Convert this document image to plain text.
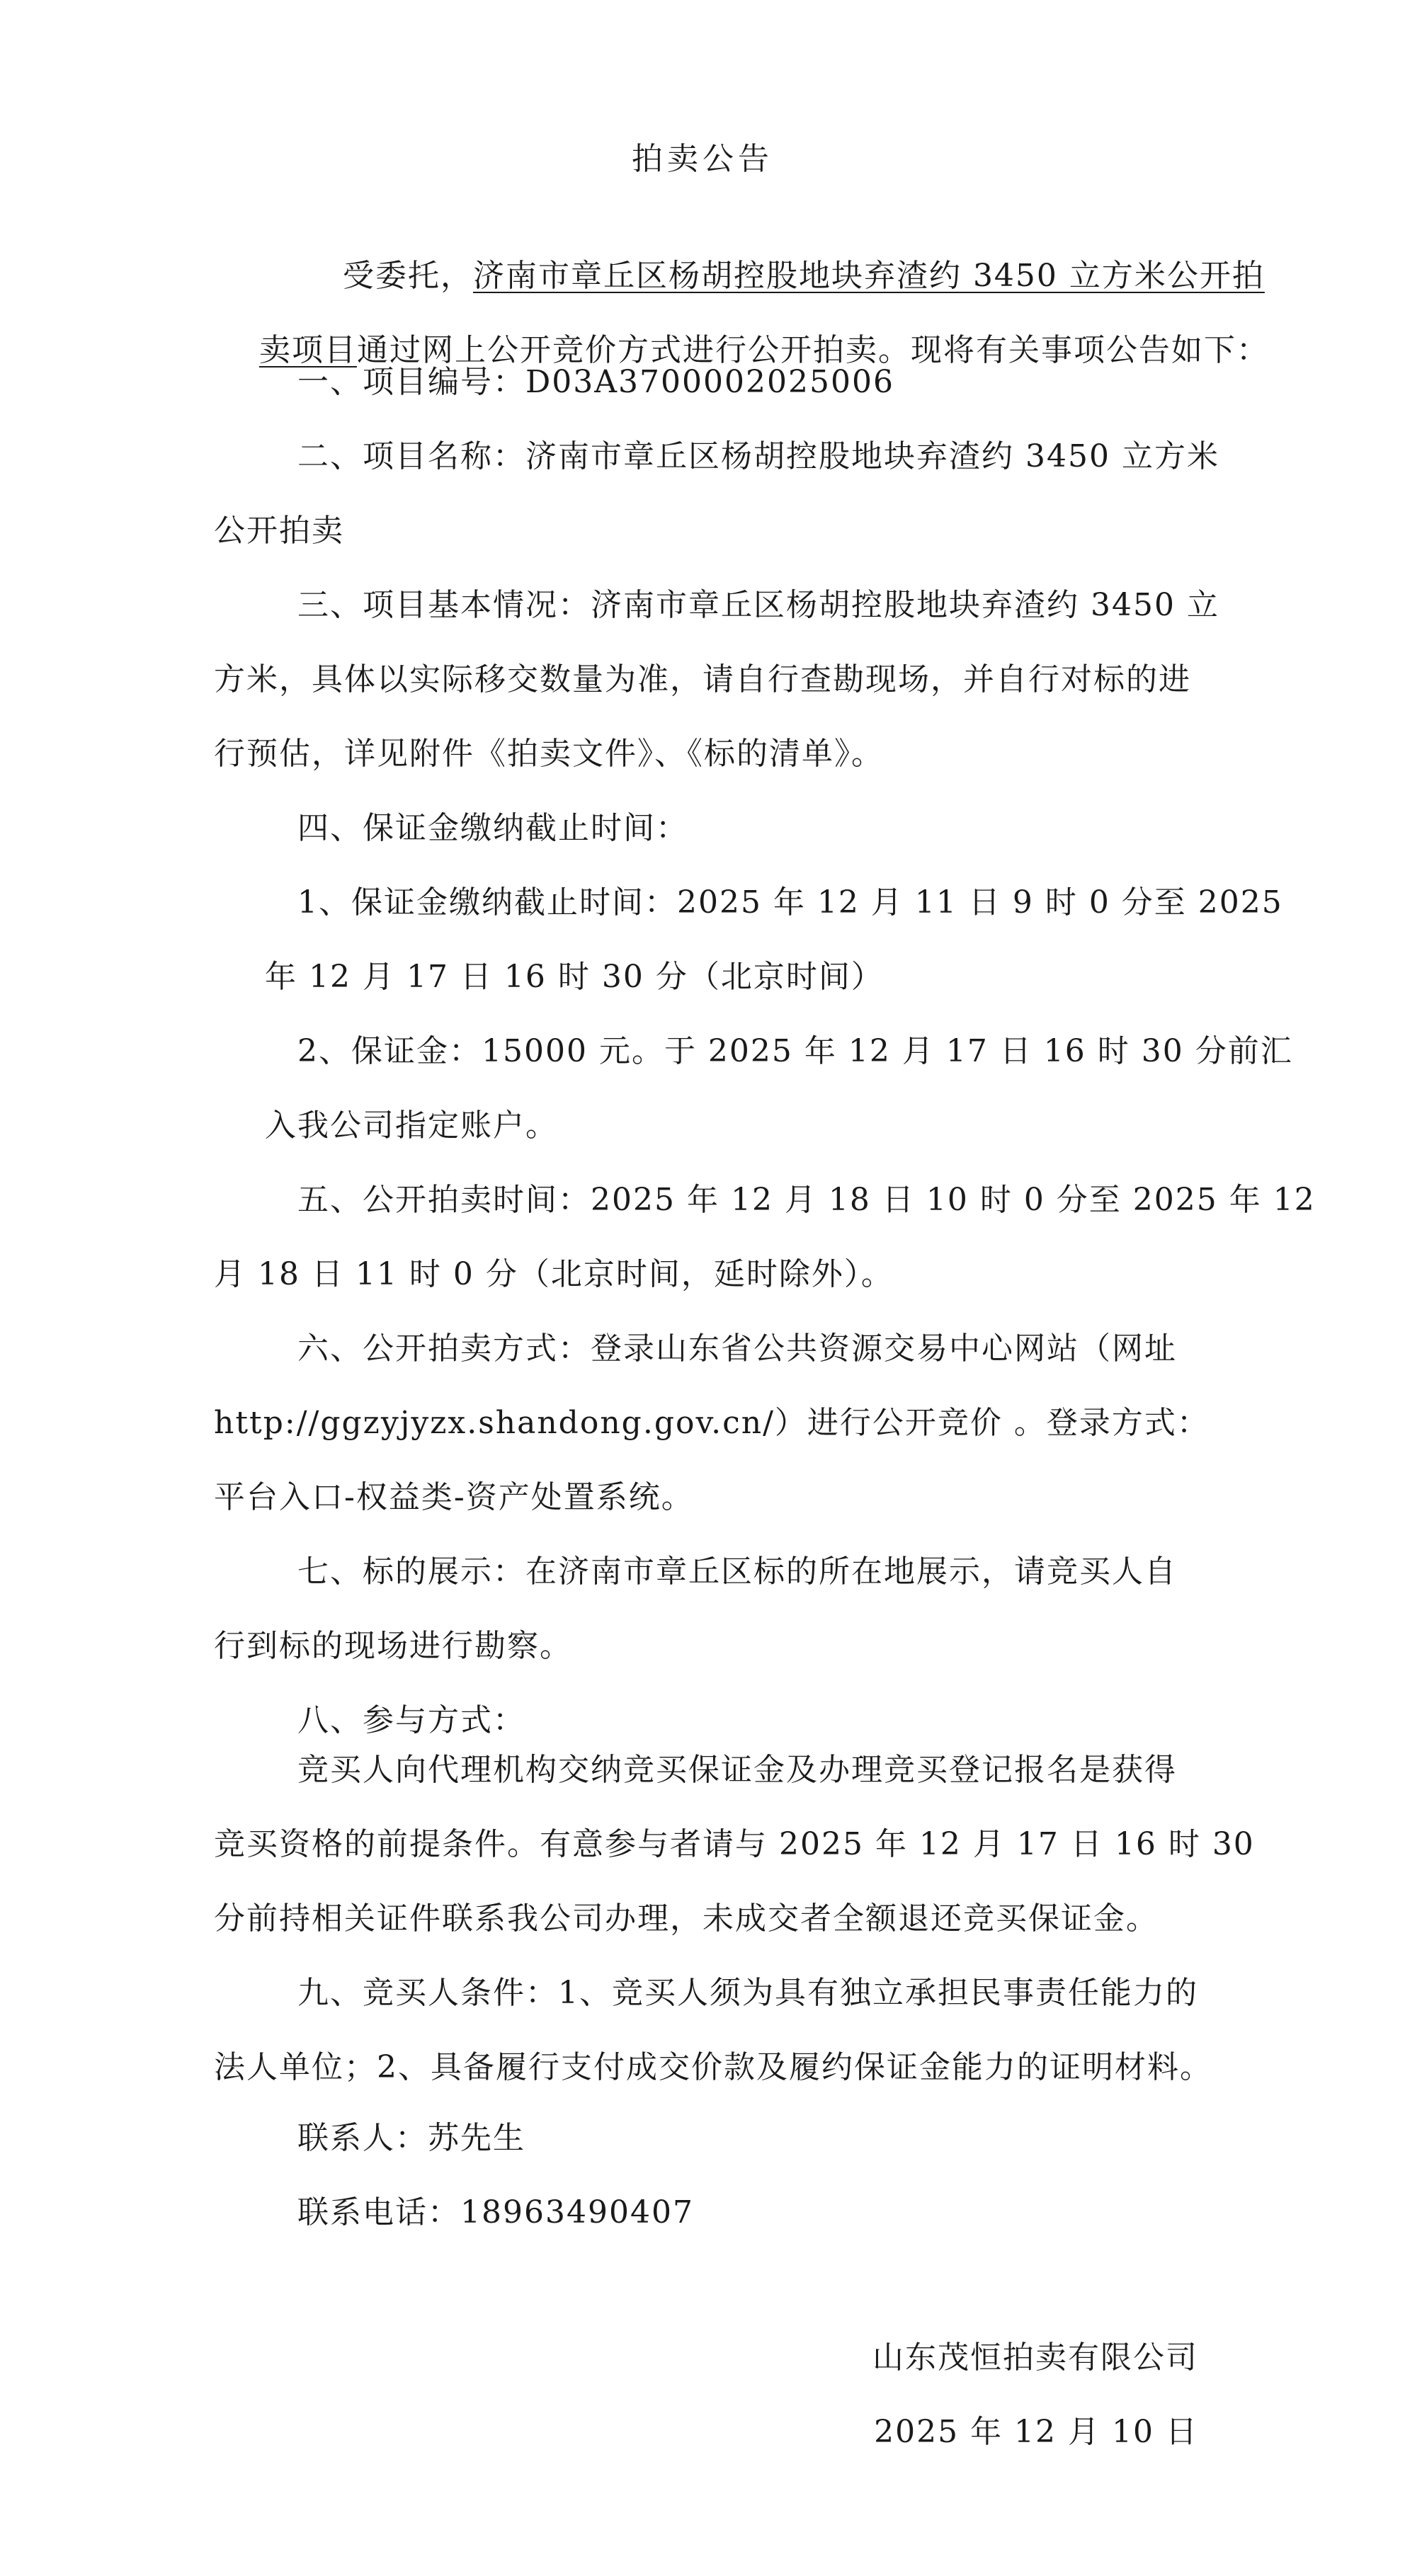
拍卖公告

受委托，济南市章丘区杨胡控股地块弃渣约 3450 立方米公开拍

卖项目通过网上公开竞价方式进行公开拍卖。现将有关事项公告如下：

一、项目编号：D03A3700002025006
二、项目名称：济南市章丘区杨胡控股地块弃渣约 3450 立方米
公开拍卖
三、项目基本情况：济南市章丘区杨胡控股地块弃渣约 3450 立
方米，具体以实际移交数量为准，请自行查勘现场，并自行对标的进
行预估，详见附件《拍卖文件》、《标的清单》。
四、保证金缴纳截止时间：
1、保证金缴纳截止时间：2025 年 12 月 11 日 9 时 0 分至 2025
年 12 月 17 日 16 时 30 分（北京时间）
2、保证金：15000 元。于 2025 年 12 月 17 日 16 时 30 分前汇
入我公司指定账户。
五、公开拍卖时间：2025 年 12 月 18 日 10 时 0 分至 2025 年 12
月 18 日 11 时 0 分（北京时间，延时除外）。
六、公开拍卖方式：登录山东省公共资源交易中心网站（网址
http://ggzyjyzx.shandong.gov.cn/）进行公开竞价 。登录方式：
平台入口-权益类-资产处置系统。
七、标的展示：在济南市章丘区标的所在地展示，请竞买人自
行到标的现场进行勘察。
八、参与方式：
竞买人向代理机构交纳竞买保证金及办理竞买登记报名是获得
竞买资格的前提条件。有意参与者请与 2025 年 12 月 17 日 16 时 30
分前持相关证件联系我公司办理，未成交者全额退还竞买保证金。
九、竞买人条件：1、竞买人须为具有独立承担民事责任能力的
法人单位；2、具备履行支付成交价款及履约保证金能力的证明材料。
联系人：苏先生
联系电话：18963490407
山东茂恒拍卖有限公司
2025 年 12 月 10 日
